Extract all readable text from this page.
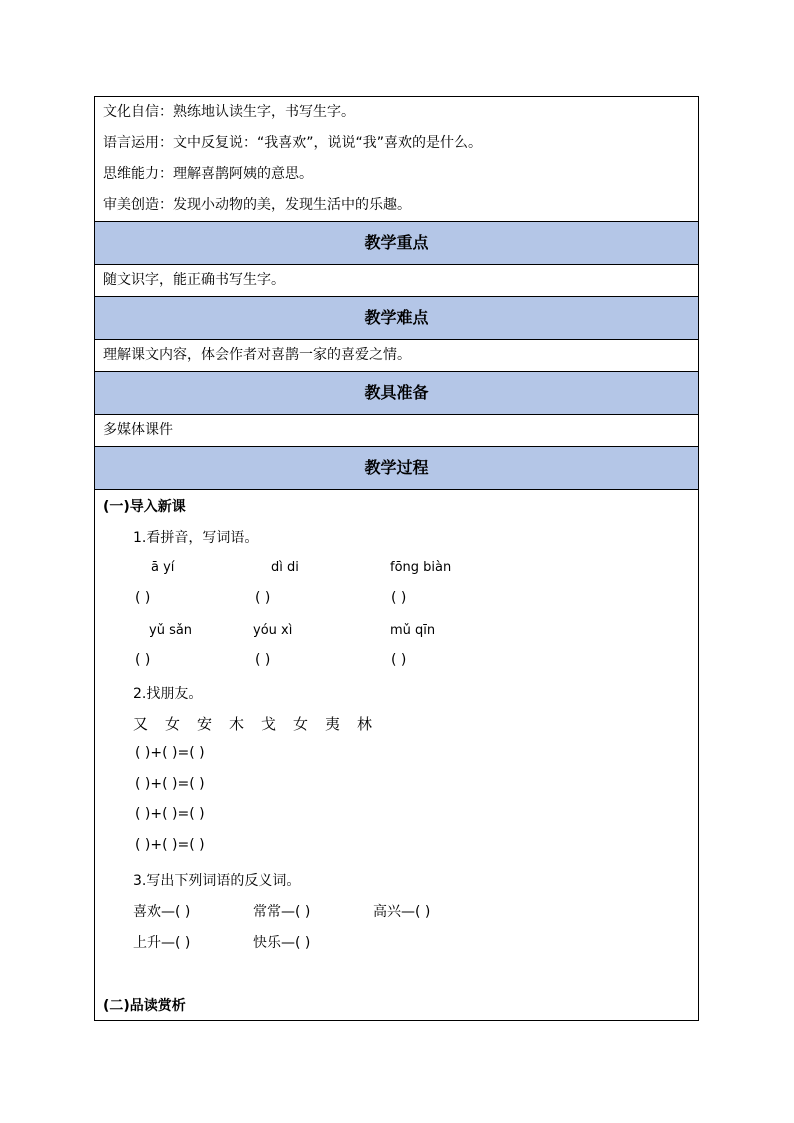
文化自信：熟练地认读生字，书写生字。
语言运用：文中反复说：“我喜欢”，说说“我”喜欢的是什么。
思维能力：理解喜鹊阿姨的意思。
审美创造：发现小动物的美，发现生活中的乐趣。

教学重点

随文识字，能正确书写生字。

教学难点

理解课文内容，体会作者对喜鹊一家的喜爱之情。

教具准备

多媒体课件

教学过程

(一)导入新课
1.看拼音，写词语。
ā yí	dì di	fōng biàn
( )	( )	( )
yǔ sǎn	yóu xì	mǔ qīn
( )	( )	( )
2.找朋友。
又 女 安 木 戈 女 夷 林
( )+( )=( )
( )+( )=( )
( )+( )=( )
( )+( )=( )
3.写出下列词语的反义词。
喜欢—( )	常常—( )	高兴—( )
上升—( )	快乐—( )
(二)品读赏析
